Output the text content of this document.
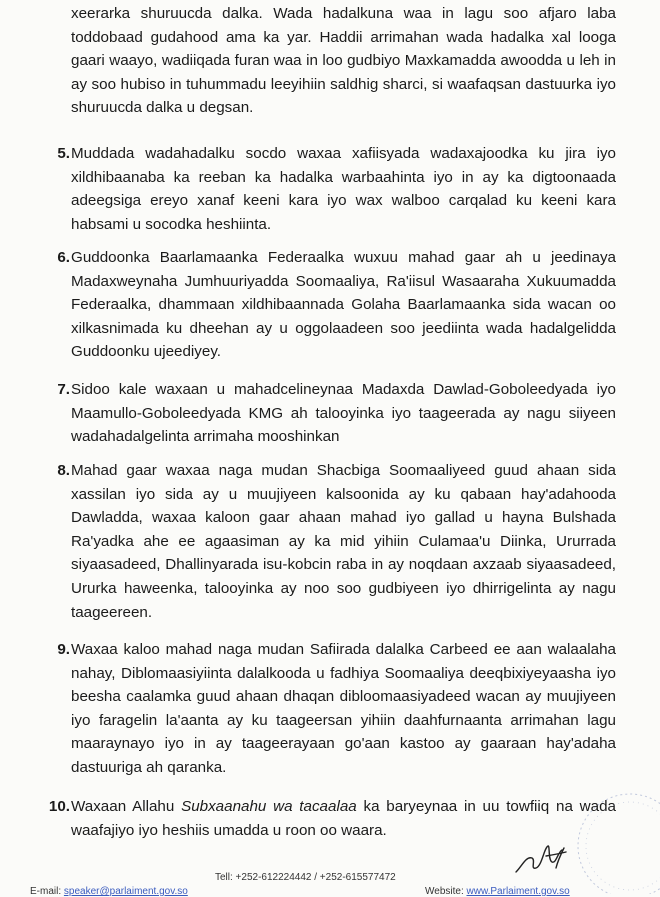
xeerarka shuruucda dalka. Wada hadalkuna waa in lagu soo afjaro laba toddobaad gudahood ama ka yar. Haddii arrimahan wada hadalka xal looga gaari waayo, wadiiqada furan waa in loo gudbiyo Maxkamadda awoodda u leh in ay soo hubiso in tuhummadu leeyihiin saldhig sharci, si waafaqsan dastuurka iyo shuruucda dalka u degsan.

5. Muddada wadahadalku socdo waxaa xafiisyada wadaxajoodka ku jira iyo xildhibaanaba ka reeban ka hadalka warbaahinta iyo in ay ka digtoonaada adeegsiga ereyo xanaf keeni kara iyo wax walboo carqalad ku keeni kara habsami u socodka heshiinta.

6. Guddoonka Baarlamaanka Federaalka wuxuu mahad gaar ah u jeedinaya Madaxweynaha Jumhuuriyadda Soomaaliya, Ra'iisul Wasaaraha Xukuumadda Federaalka, dhammaan xildhibaannada Golaha Baarlamaanka sida wacan oo xilkasnimada ku dheehan ay u oggolaadeen soo jeediinta wada hadalgelidda Guddoonku ujeediyey.

7. Sidoo kale waxaan u mahadcelineynaa Madaxda Dawlad-Goboleedyada iyo Maamullo-Goboleedyada KMG ah talooyinka iyo taageerada ay nagu siiyeen wadahadalgelinta arrimaha mooshinkan

8. Mahad gaar waxaa naga mudan Shacbiga Soomaaliyeed guud ahaan sida xassilan iyo sida ay u muujiyeen kalsoonida ay ku qabaan hay'adahooda Dawladda, waxaa kaloon gaar ahaan mahad iyo gallad u hayna Bulshada Ra'yadka ahe ee agaasiman ay ka mid yihiin Culamaa'u Diinka, Ururrada siyaasadeed, Dhallinyarada isu-kobcin raba in ay noqdaan axzaab siyaasadeed, Ururka haweenka, talooyinka ay noo soo gudbiyeen iyo dhirrigelinta ay nagu taageereen.

9. Waxaa kaloo mahad naga mudan Safiirada dalalka Carbeed ee aan walaalaha nahay, Diblomaasiyiinta dalalkooda u fadhiya Soomaaliya deeqbixiyeyaasha iyo beesha caalamka guud ahaan dhaqan dibloomaasiyadeed wacan ay muujiyeen iyo faragelin la'aanta ay ku taageersan yihiin daahfurnaanta arrimahan lagu maaraynayo iyo in ay taageerayaan go'aan kastoo ay gaaraan hay'adaha dastuuriga ah qaranka.

10. Waxaan Allahu Subxaanahu wa tacaalaa ka baryeynaa in uu towfiiq na wada waafajiyo iyo heshiis umadda u roon oo waara.

Tell: +252-612224442 / +252-615577472
E-mail: speaker@parlaiment.gov.so	Website: www.Parlaiment.gov.so
